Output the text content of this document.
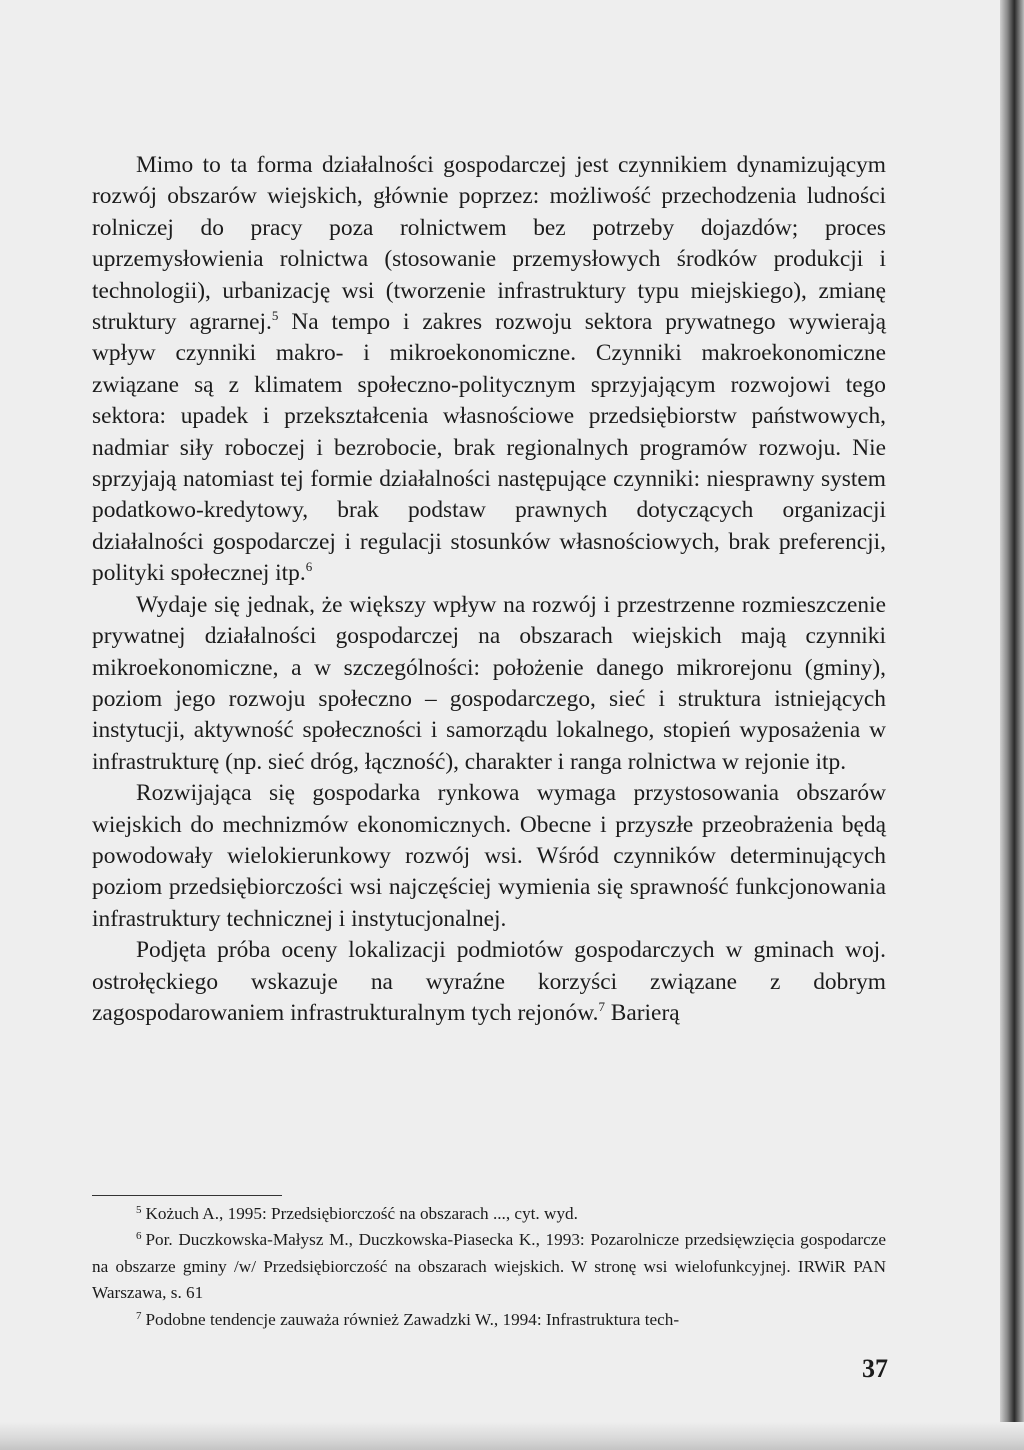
Mimo to ta forma działalności gospodarczej jest czynnikiem dynamizującym rozwój obszarów wiejskich, głównie poprzez: możliwość przechodzenia ludności rolniczej do pracy poza rolnictwem bez potrzeby dojazdów; proces uprzemysłowienia rolnictwa (stosowanie przemysłowych środków produkcji i technologii), urbanizację wsi (tworzenie infrastruktury typu miejskiego), zmianę struktury agrarnej.$^5$ Na tempo i zakres rozwoju sektora prywatnego wywierają wpływ czynniki makro- i mikroekonomiczne. Czynniki makroekonomiczne związane są z klimatem społeczno-politycznym sprzyjającym rozwojowi tego sektora: upadek i przekształcenia własnościowe przedsiębiorstw państwowych, nadmiar siły roboczej i bezrobocie, brak regionalnych programów rozwoju. Nie sprzyjają natomiast tej formie działalności następujące czynniki: niesprawny system podatkowo-kredytowy, brak podstaw prawnych dotyczących organizacji działalności gospodarczej i regulacji stosunków własnościowych, brak preferencji, polityki społecznej itp.$^6$

Wydaje się jednak, że większy wpływ na rozwój i przestrzenne rozmieszczenie prywatnej działalności gospodarczej na obszarach wiejskich mają czynniki mikroekonomiczne, a w szczególności: położenie danego mikrorejonu (gminy), poziom jego rozwoju społeczno – gospodarczego, sieć i struktura istniejących instytucji, aktywność społeczności i samorządu lokalnego, stopień wyposażenia w infrastrukturę (np. sieć dróg, łączność), charakter i ranga rolnictwa w rejonie itp.

Rozwijająca się gospodarka rynkowa wymaga przystosowania obszarów wiejskich do mechnizmów ekonomicznych. Obecne i przyszłe przeobrażenia będą powodowały wielokierunkowy rozwój wsi. Wśród czynników determinujących poziom przedsiębiorczości wsi najczęściej wymienia się sprawność funkcjonowania infrastruktury technicznej i instytucjonalnej.

Podjęta próba oceny lokalizacji podmiotów gospodarczych w gminach woj. ostrołęckiego wskazuje na wyraźne korzyści związane z dobrym zagospodarowaniem infrastrukturalnym tych rejonów.$^7$ Barierą

$^5$ Kożuch A., 1995: Przedsiębiorczość na obszarach ..., cyt. wyd.

$^6$ Por. Duczkowska-Małysz M., Duczkowska-Piasecka K., 1993: Pozarolnicze przedsięwzięcia gospodarcze na obszarze gminy /w/ Przedsiębiorczość na obszarach wiejskich. W stronę wsi wielofunkcyjnej. IRWiR PAN Warszawa, s. 61

$^7$ Podobne tendencje zauważa również Zawadzki W., 1994: Infrastruktura tech-

37
